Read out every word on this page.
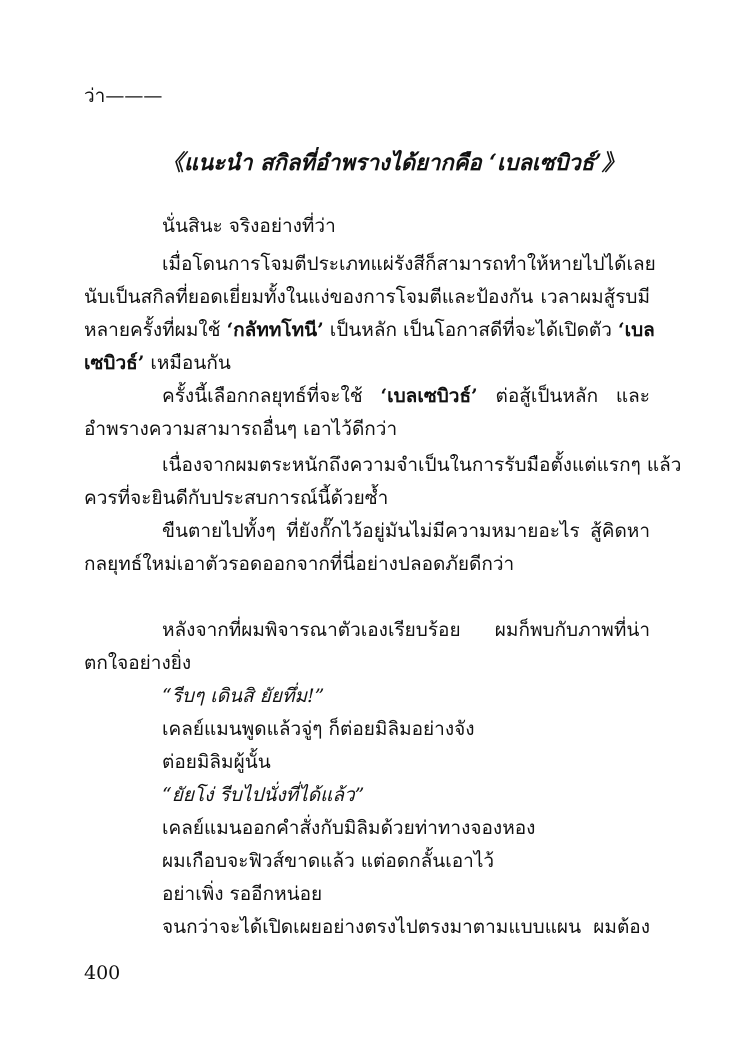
ว่า———
《แนะนำ สกิลที่อำพรางได้ยากคือ ‘เบลเซบิวธ์’》
นั่นสินะ จริงอย่างที่ว่า
เมื่อโดนการโจมตีประเภทแผ่รังสีก็สามารถทำให้หายไปได้เลย
นับเป็นสกิลที่ยอดเยี่ยมทั้งในแง่ของการโจมตีและป้องกัน เวลาผมสู้รบมี
หลายครั้งที่ผมใช้ ‘กลัททโทนี’ เป็นหลัก เป็นโอกาสดีที่จะได้เปิดตัว ‘เบล
เซบิวธ์’ เหมือนกัน
ครั้งนี้เลือกกลยุทธ์ที่จะใช้ ‘เบลเซบิวธ์’ ต่อสู้เป็นหลัก และ
อำพรางความสามารถอื่นๆ เอาไว้ดีกว่า
เนื่องจากผมตระหนักถึงความจำเป็นในการรับมือตั้งแต่แรกๆ แล้ว
ควรที่จะยินดีกับประสบการณ์นี้ด้วยซ้ำ
ขืนตายไปทั้งๆ ที่ยังกั๊กไว้อยู่มันไม่มีความหมายอะไร สู้คิดหา
กลยุทธ์ใหม่เอาตัวรอดออกจากที่นี่อย่างปลอดภัยดีกว่า
หลังจากที่ผมพิจารณาตัวเองเรียบร้อย ผมก็พบกับภาพที่น่า
ตกใจอย่างยิ่ง
“รีบๆ เดินสิ ยัยทึ่ม!”
เคลย์แมนพูดแล้วจู่ๆ ก็ต่อยมิลิมอย่างจัง
ต่อยมิลิมผู้นั้น
“ยัยโง่ รีบไปนั่งที่ได้แล้ว”
เคลย์แมนออกคำสั่งกับมิลิมด้วยท่าทางจองหอง
ผมเกือบจะฟิวส์ขาดแล้ว แต่อดกลั้นเอาไว้
อย่าเพิ่ง รออีกหน่อย
จนกว่าจะได้เปิดเผยอย่างตรงไปตรงมาตามแบบแผน ผมต้อง
400
